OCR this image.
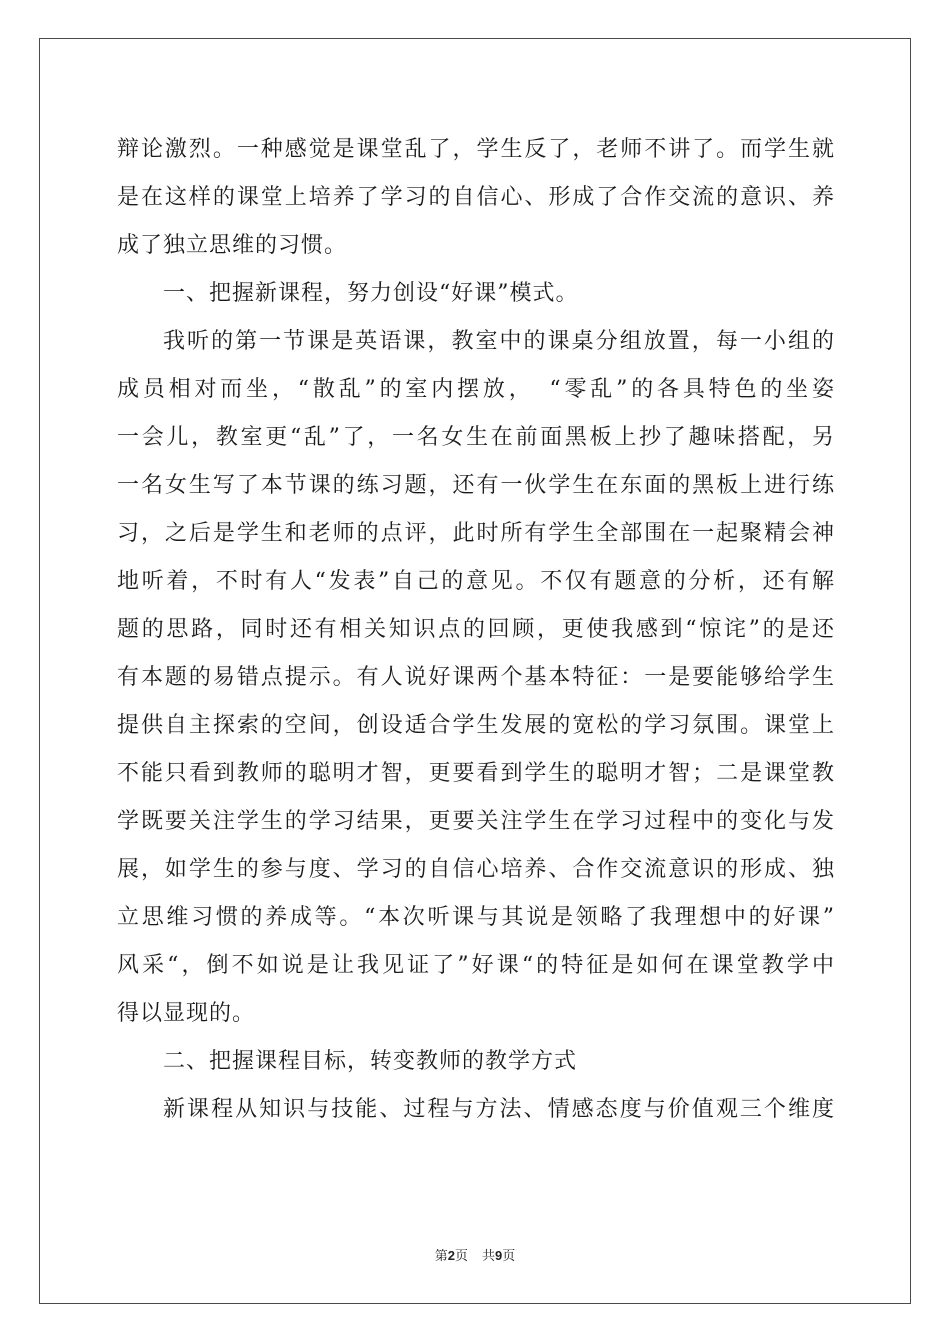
辩论激烈。一种感觉是课堂乱了，学生反了，老师不讲了。而学生就
是在这样的课堂上培养了学习的自信心、形成了合作交流的意识、养
成了独立思维的习惯。
一、把握新课程，努力创设“好课”模式。
我听的第一节课是英语课，教室中的课桌分组放置，每一小组的
成员相对而坐，“散乱”的室内摆放，　“零乱”的各具特色的坐姿
一会儿，教室更“乱”了，一名女生在前面黑板上抄了趣味搭配，另
一名女生写了本节课的练习题，还有一伙学生在东面的黑板上进行练
习，之后是学生和老师的点评，此时所有学生全部围在一起聚精会神
地听着，不时有人“发表”自己的意见。不仅有题意的分析，还有解
题的思路，同时还有相关知识点的回顾，更使我感到“惊诧”的是还
有本题的易错点提示。有人说好课两个基本特征：一是要能够给学生
提供自主探索的空间，创设适合学生发展的宽松的学习氛围。课堂上
不能只看到教师的聪明才智，更要看到学生的聪明才智；二是课堂教
学既要关注学生的学习结果，更要关注学生在学习过程中的变化与发
展，如学生的参与度、学习的自信心培养、合作交流意识的形成、独
立思维习惯的养成等。“本次听课与其说是领略了我理想中的好课”
风采“，倒不如说是让我见证了”好课“的特征是如何在课堂教学中
得以显现的。
二、把握课程目标，转变教师的教学方式
新课程从知识与技能、过程与方法、情感态度与价值观三个维度
第2页 共9页
